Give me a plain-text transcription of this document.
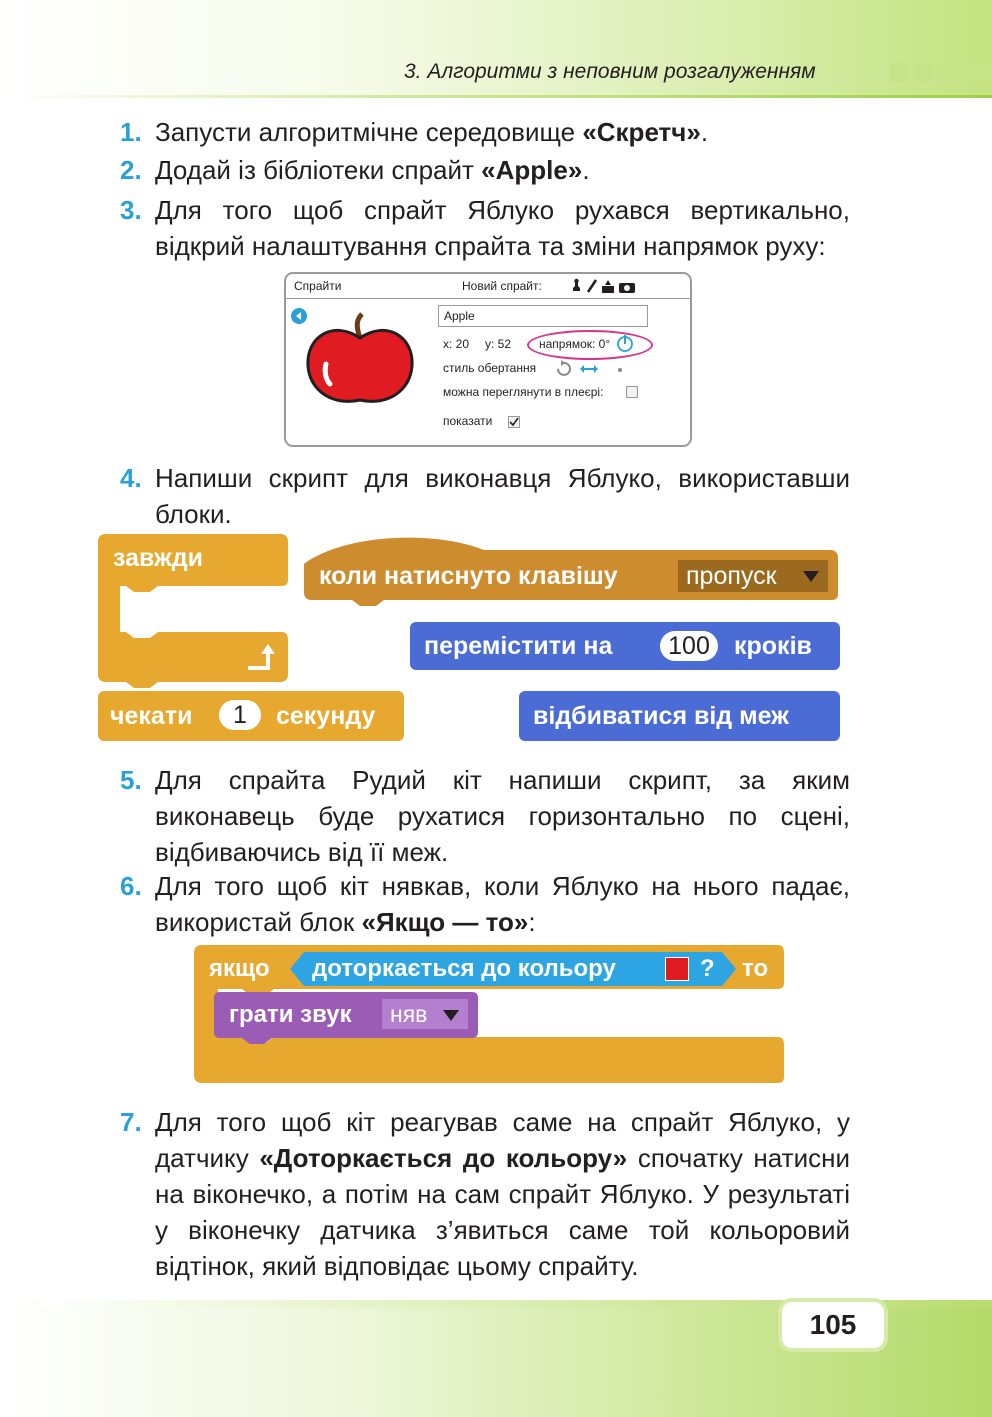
3. Алгоритми з неповним розгалуженням
1. Запусти алгоритмічне середовище «Скретч».
2. Додай із бібліотеки спрайт «Apple».
3. Для того щоб спрайт Яблуко рухався вертикально, відкрий налаштування спрайта та зміни напрямок руху:
Спрайти	Новий спрайт:
Apple
x: 20 y: 52 напрямок: 0°
стиль обертання
можна переглянути в плеєрі:
показати
4. Напиши скрипт для виконавця Яблуко, використавши блоки.
завжди
чекати	1	секунду
коли натиснуто клавішу	пропуск
перемістити на	100 кроків
відбиватися від меж
5. Для спрайта Рудий кіт напиши скрипт, за яким виконавець буде рухатися горизонтально по сцені, відбиваючись від її меж.
6. Для того щоб кіт нявкав, коли Яблуко на нього падає, використай блок «Якщо — то»:
якщо доторкається до кольору	? то
грати звук няв
7. Для того щоб кіт реагував саме на спрайт Яблуко, у датчику «Доторкається до кольору» спочатку натисни на віконечко, а потім на сам спрайт Яблуко. У результаті у віконечку датчика з’явиться саме той кольоровий відтінок, який відповідає цьому спрайту.
105
